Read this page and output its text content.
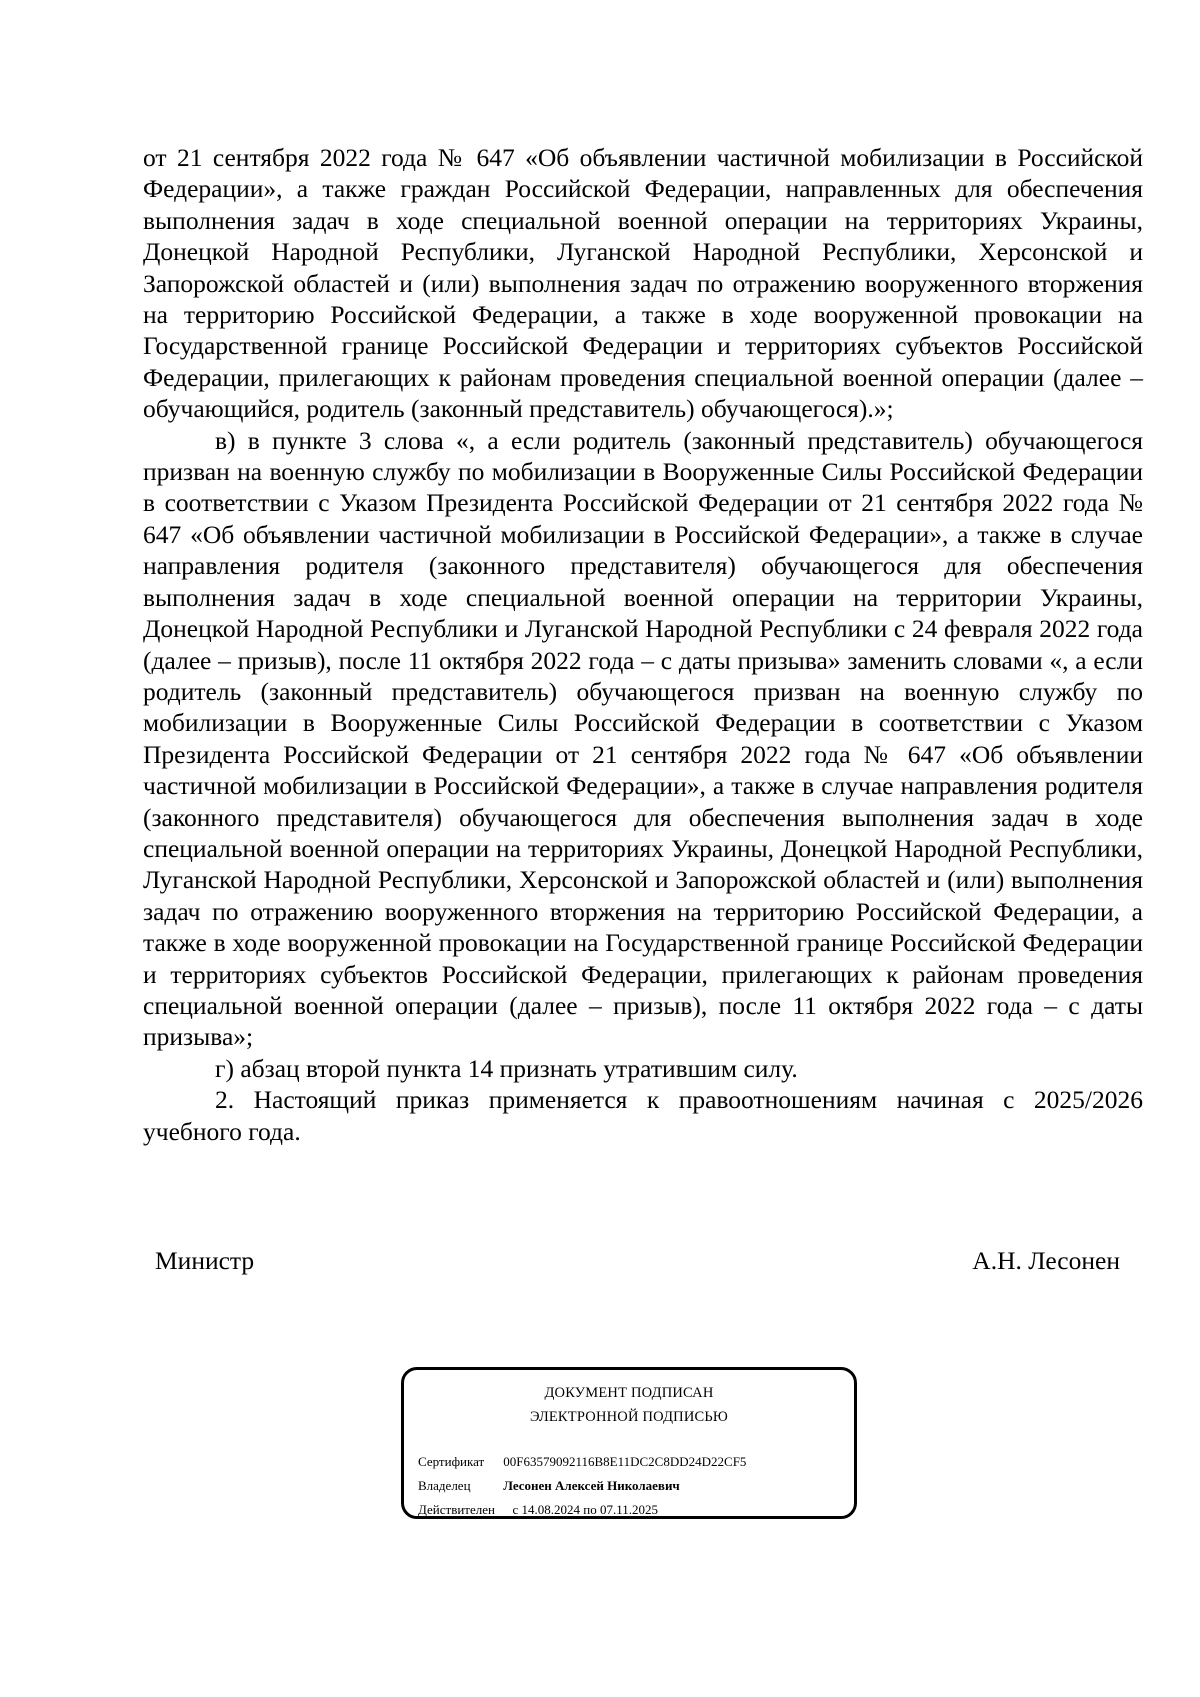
от 21 сентября 2022 года № 647 «Об объявлении частичной мобилизации в Российской Федерации», а также граждан Российской Федерации, направленных для обеспечения выполнения задач в ходе специальной военной операции на территориях Украины, Донецкой Народной Республики, Луганской Народной Республики, Херсонской и Запорожской областей и (или) выполнения задач по отражению вооруженного вторжения на территорию Российской Федерации, а также в ходе вооруженной провокации на Государственной границе Российской Федерации и территориях субъектов Российской Федерации, прилегающих к районам проведения специальной военной операции (далее – обучающийся, родитель (законный представитель) обучающегося).»;

в) в пункте 3 слова «, а если родитель (законный представитель) обучающегося призван на военную службу по мобилизации в Вооруженные Силы Российской Федерации в соответствии с Указом Президента Российской Федерации от 21 сентября 2022 года № 647 «Об объявлении частичной мобилизации в Российской Федерации», а также в случае направления родителя (законного представителя) обучающегося для обеспечения выполнения задач в ходе специальной военной операции на территории Украины, Донецкой Народной Республики и Луганской Народной Республики с 24 февраля 2022 года (далее – призыв), после 11 октября 2022 года – с даты призыва» заменить словами «, а если родитель (законный представитель) обучающегося призван на военную службу по мобилизации в Вооруженные Силы Российской Федерации в соответствии с Указом Президента Российской Федерации от 21 сентября 2022 года № 647 «Об объявлении частичной мобилизации в Российской Федерации», а также в случае направления родителя (законного представителя) обучающегося для обеспечения выполнения задач в ходе специальной военной операции на территориях Украины, Донецкой Народной Республики, Луганской Народной Республики, Херсонской и Запорожской областей и (или) выполнения задач по отражению вооруженного вторжения на территорию Российской Федерации, а также в ходе вооруженной провокации на Государственной границе Российской Федерации и территориях субъектов Российской Федерации, прилегающих к районам проведения специальной военной операции (далее – призыв), после 11 октября 2022 года – с даты призыва»;

г) абзац второй пункта 14 признать утратившим силу.

2. Настоящий приказ применяется к правоотношениям начиная с 2025/2026 учебного года.

Министр	А.Н. Лесонен
ДОКУМЕНТ ПОДПИСАН
ЭЛЕКТРОННОЙ ПОДПИСЬЮ
Сертификат 00F63579092116B8E11DC2C8DD24D22CF5
Владелец	Лесонен Алексей Николаевич
Действителен с 14.08.2024 по 07.11.2025
